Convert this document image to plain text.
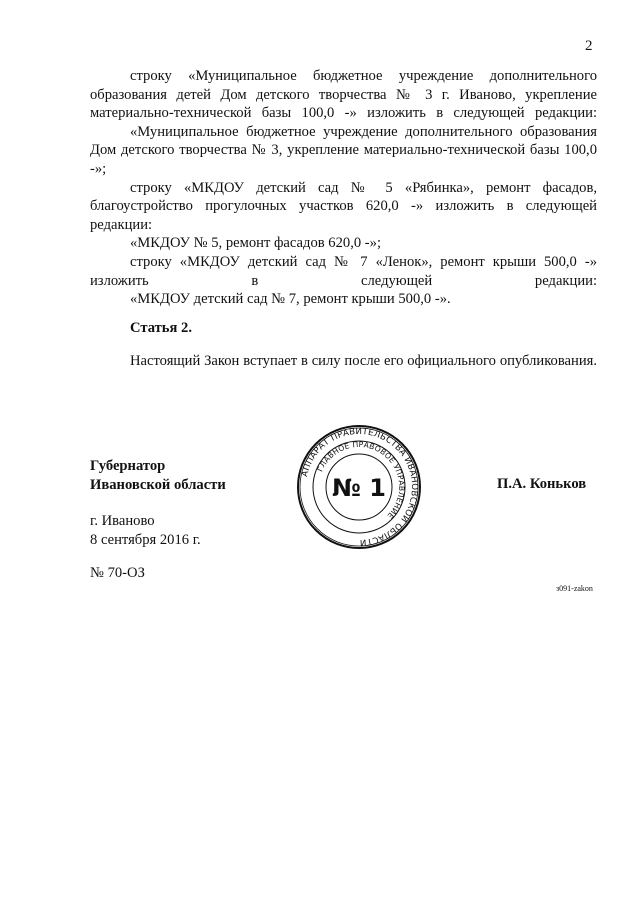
2

строку «Муниципальное бюджетное учреждение дополнительного образования детей Дом детского творчества № 3 г. Иваново, укрепление материально-технической базы 100,0 -» изложить в следующей редакции:

«Муниципальное бюджетное учреждение дополнительного образования Дом детского творчества № 3, укрепление материально-технической базы 100,0 -»;

строку «МКДОУ детский сад № 5 «Рябинка», ремонт фасадов, благоустройство прогулочных участков 620,0 -» изложить в следующей редакции:

«МКДОУ № 5, ремонт фасадов 620,0 -»;

строку «МКДОУ детский сад № 7 «Ленок», ремонт крыши 500,0 -» изложить в следующей редакции:

«МКДОУ детский сад № 7, ремонт крыши 500,0 -».

Статья 2.

Настоящий Закон вступает в силу после его официального опубликования.

Губернатор
Ивановской области
АППАРАТ ПРАВИТЕЛЬСТВА ИВАНОВСКОЙ ОБЛАСТИ
ГЛАВНОЕ ПРАВОВОЕ УПРАВЛЕНИЕ
№ 1	П.А. Коньков
г. Иваново
8 сентября 2016 г.
№ 70-ОЗ
з091-zakon
